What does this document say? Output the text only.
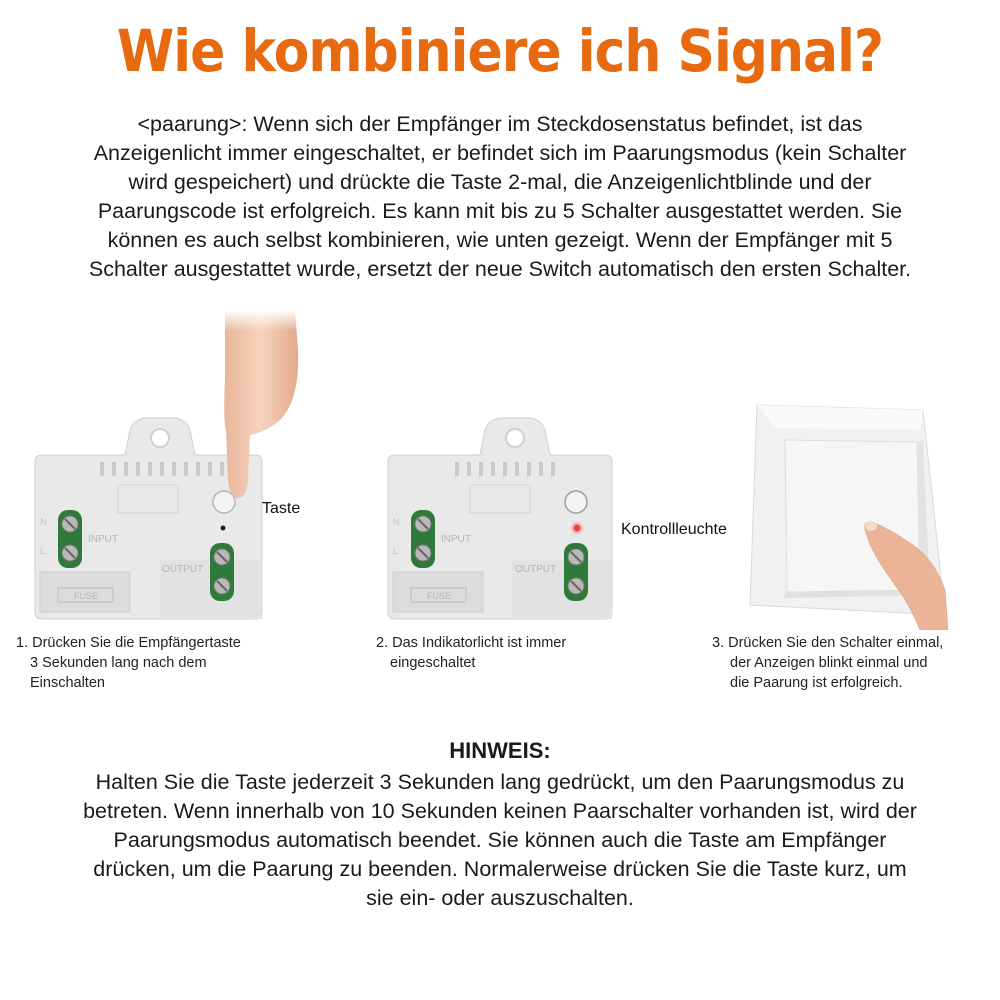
Wie kombiniere ich Signal?
<paarung>: Wenn sich der Empfänger im Steckdosenstatus befindet, ist das Anzeigenlicht immer eingeschaltet, er befindet sich im Paarungsmodus (kein Schalter wird gespeichert) und drückte die Taste 2-mal, die Anzeigenlichtblinde und der Paarungscode ist erfolgreich. Es kann mit bis zu 5 Schalter ausgestattet werden. Sie können es auch selbst kombinieren, wie unten gezeigt. Wenn der Empfänger mit 5 Schalter ausgestattet wurde, ersetzt der neue Switch automatisch den ersten Schalter.
INPUT
OUTPUT
FUSE
N
L
Taste
INPUT
OUTPUT
FUSE
N
L
Kontrollleuchte
1. Drücken Sie die Empfängertaste
3 Sekunden lang nach dem
Einschalten
2. Das Indikatorlicht ist immer
eingeschaltet
3. Drücken Sie den Schalter einmal,
der Anzeigen blinkt einmal und
die Paarung ist erfolgreich.
HINWEIS:
Halten Sie die Taste jederzeit 3 Sekunden lang gedrückt, um den Paarungsmodus zu betreten. Wenn innerhalb von 10 Sekunden keinen Paarschalter vorhanden ist, wird der Paarungsmodus automatisch beendet. Sie können auch die Taste am Empfänger drücken, um die Paarung zu beenden. Normalerweise drücken Sie die Taste kurz, um sie ein- oder auszuschalten.
